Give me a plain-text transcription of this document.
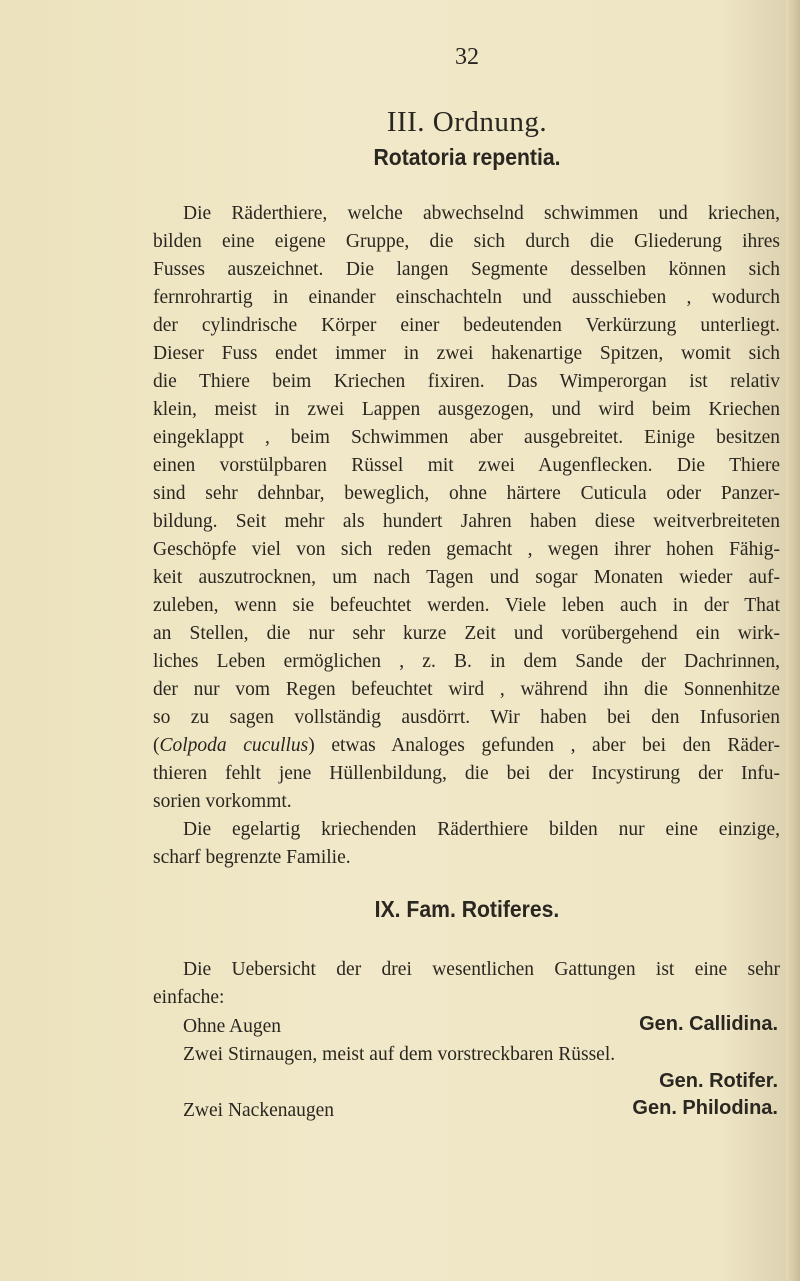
32
III. Ordnung.
Rotatoria repentia.
Die Räderthiere, welche abwechselnd schwimmen und kriechen,
bilden eine eigene Gruppe, die sich durch die Gliederung ihres
Fusses auszeichnet. Die langen Segmente desselben können sich
fernrohrartig in einander einschachteln und ausschieben , wodurch
der cylindrische Körper einer bedeutenden Verkürzung unterliegt.
Dieser Fuss endet immer in zwei hakenartige Spitzen, womit sich
die Thiere beim Kriechen fixiren. Das Wimperorgan ist relativ
klein, meist in zwei Lappen ausgezogen, und wird beim Kriechen
eingeklappt , beim Schwimmen aber ausgebreitet. Einige besitzen
einen vorstülpbaren Rüssel mit zwei Augenflecken. Die Thiere
sind sehr dehnbar, beweglich, ohne härtere Cuticula oder Panzer-
bildung. Seit mehr als hundert Jahren haben diese weitverbreiteten
Geschöpfe viel von sich reden gemacht , wegen ihrer hohen Fähig-
keit auszutrocknen, um nach Tagen und sogar Monaten wieder auf-
zuleben, wenn sie befeuchtet werden. Viele leben auch in der That
an Stellen, die nur sehr kurze Zeit und vorübergehend ein wirk-
liches Leben ermöglichen , z. B. in dem Sande der Dachrinnen,
der nur vom Regen befeuchtet wird , während ihn die Sonnenhitze
so zu sagen vollständig ausdörrt. Wir haben bei den Infusorien
(Colpoda cucullus) etwas Analoges gefunden , aber bei den Räder-
thieren fehlt jene Hüllenbildung, die bei der Incystirung der Infu-
sorien vorkommt.
Die egelartig kriechenden Räderthiere bilden nur eine einzige,
scharf begrenzte Familie.
IX. Fam. Rotiferes.
Die Uebersicht der drei wesentlichen Gattungen ist eine sehr
einfache:
Ohne Augen	Gen. Callidina.
Zwei Stirnaugen, meist auf dem vorstreckbaren Rüssel.
Gen. Rotifer.
Zwei Nackenaugen	Gen. Philodina.
